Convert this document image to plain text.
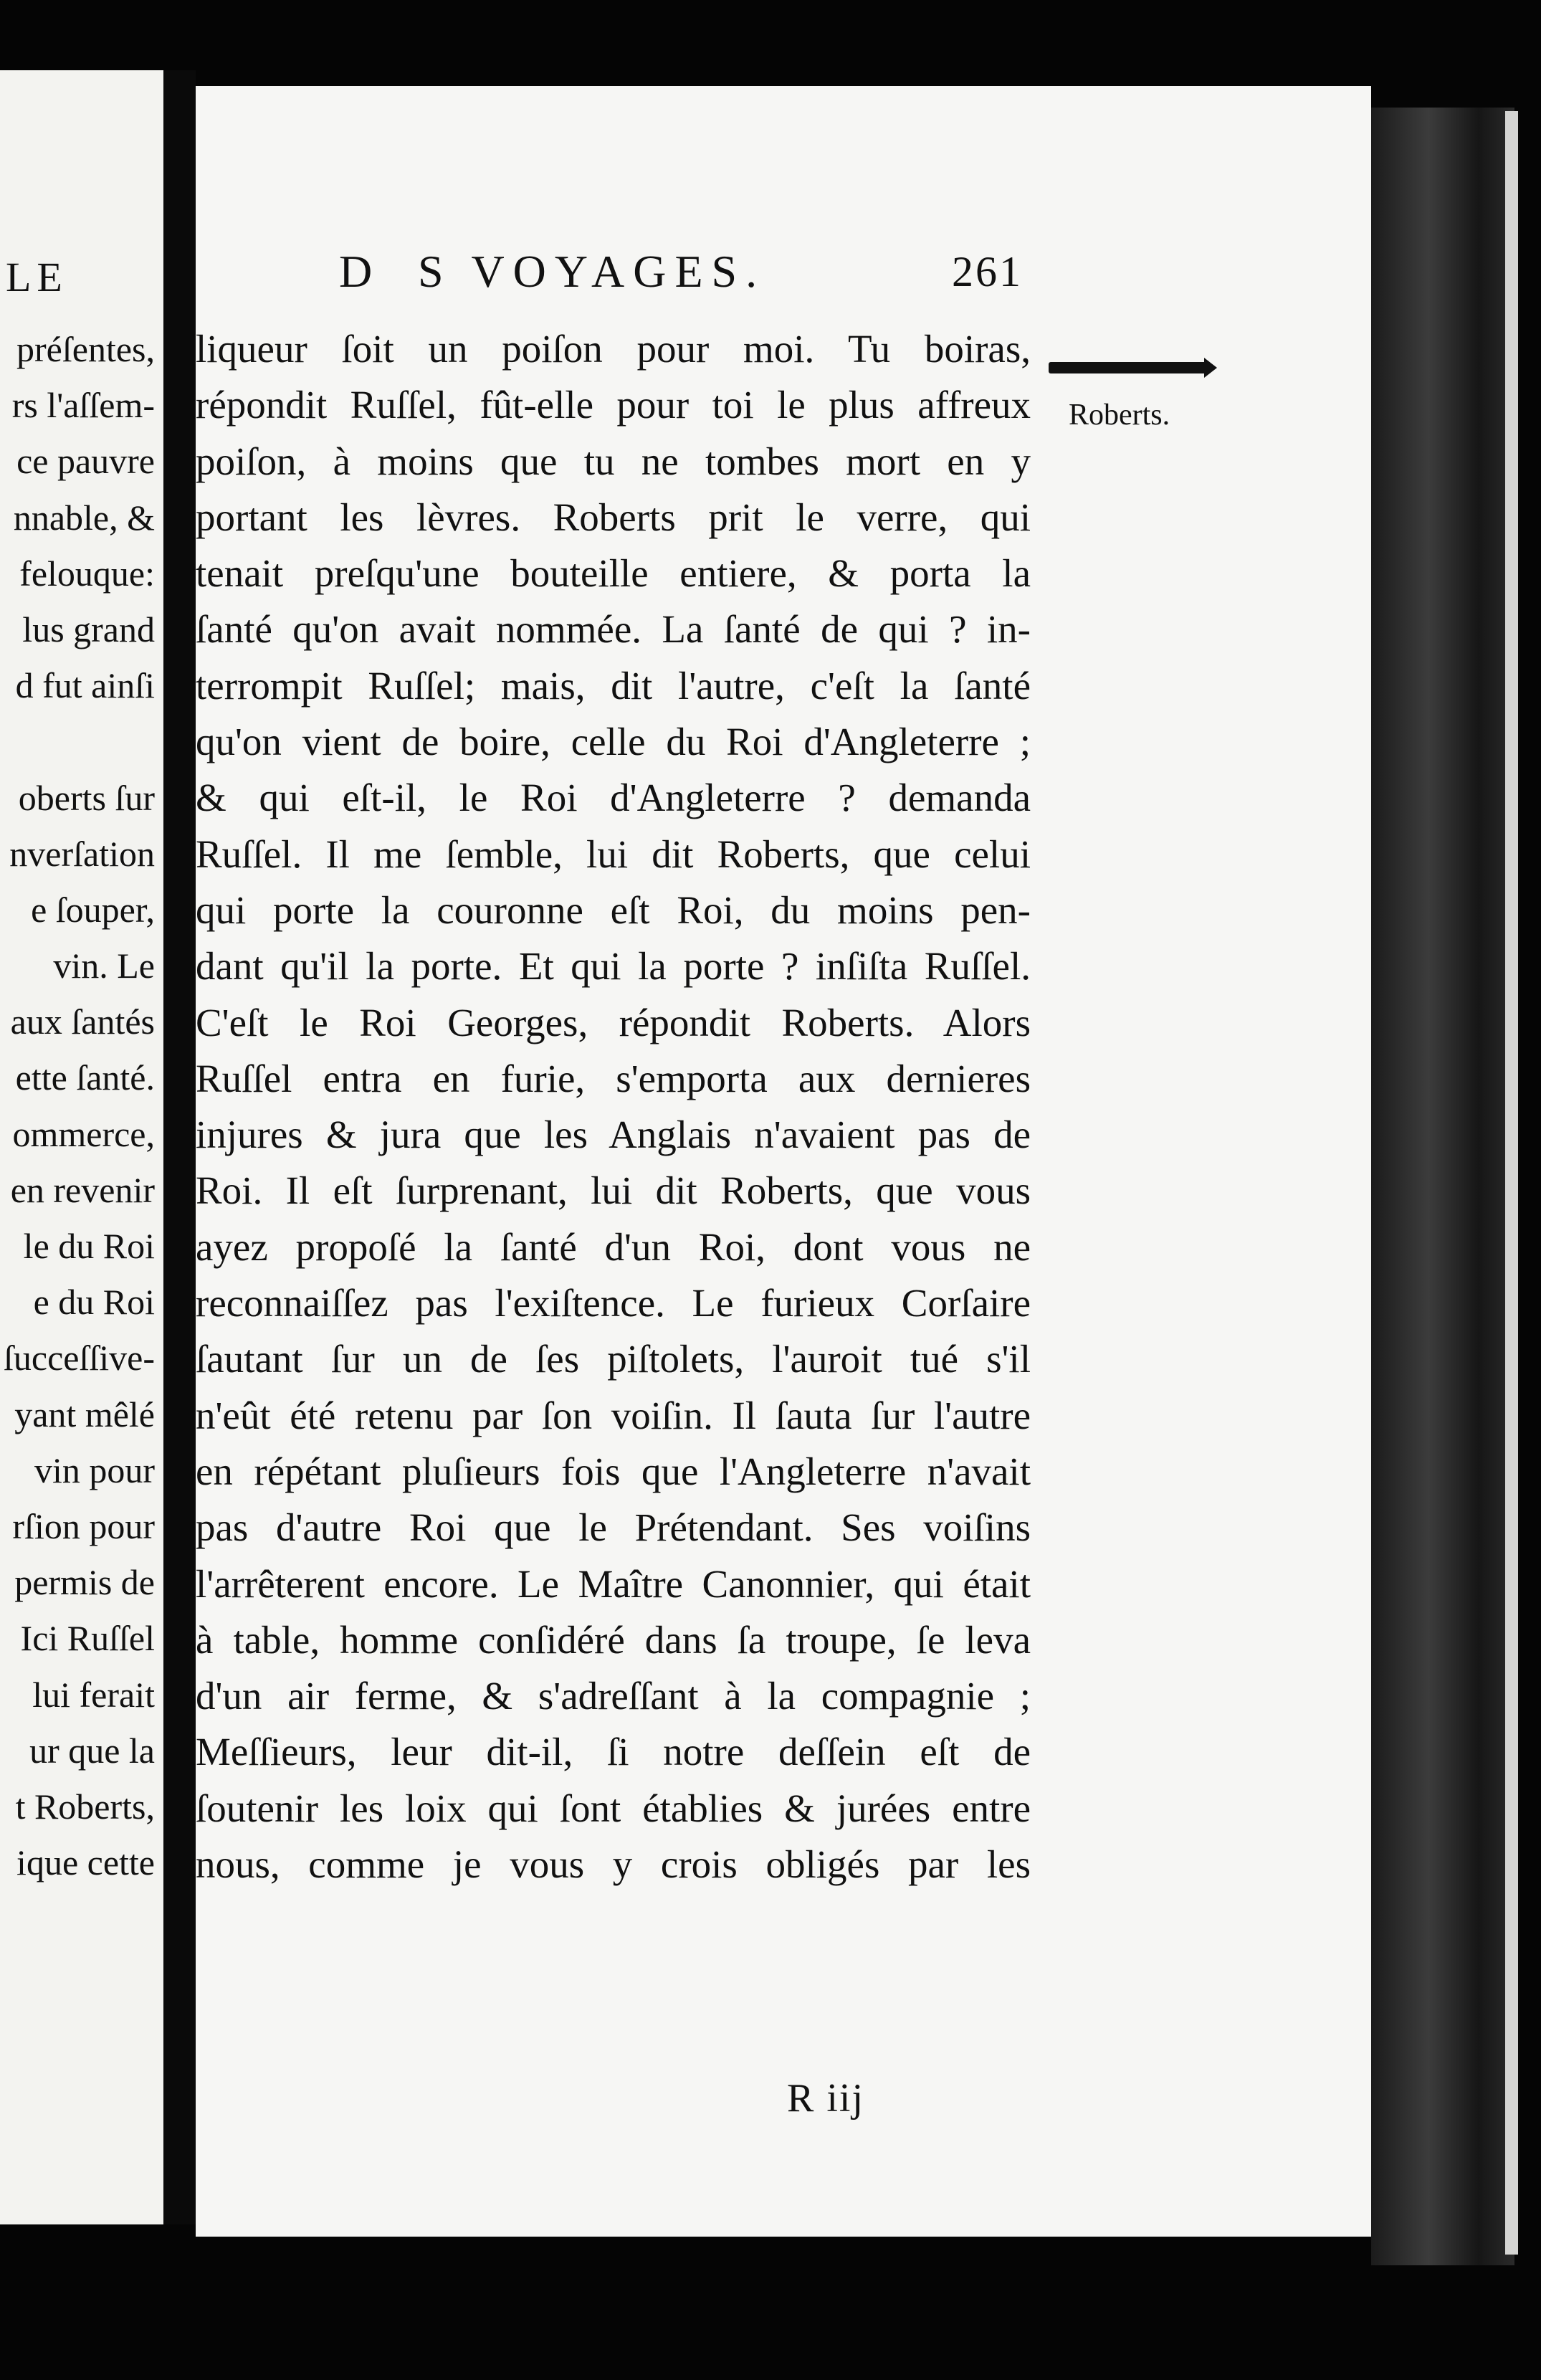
LE
préſentes,
rs l'aſſem-
ce pauvre
nnable, &
felouque:
lus grand
d fut ainſi
oberts ſur
nverſation
e ſouper,
vin. Le
aux ſantés
ette ſanté.
ommerce,
en revenir
le du Roi
e du Roi
ſucceſſive-
yant mêlé
vin pour
rſion pour
permis de
Ici Ruſſel
lui ferait
ur que la
t Roberts,
ique cette
D S VOYAGES.	261
liqueur ſoit un poiſon pour moi. Tu boiras,
répondit Ruſſel, fût-elle pour toi le plus affreux
poiſon, à moins que tu ne tombes mort en y
portant les lèvres. Roberts prit le verre, qui
tenait preſqu'une bouteille entiere, & porta la
ſanté qu'on avait nommée. La ſanté de qui ? in-
terrompit Ruſſel; mais, dit l'autre, c'eſt la ſanté
qu'on vient de boire, celle du Roi d'Angleterre ;
& qui eſt-il, le Roi d'Angleterre ? demanda
Ruſſel. Il me ſemble, lui dit Roberts, que celui
qui porte la couronne eſt Roi, du moins pen-
dant qu'il la porte. Et qui la porte ? inſiſta Ruſſel.
C'eſt le Roi Georges, répondit Roberts. Alors
Ruſſel entra en furie, s'emporta aux dernieres
injures & jura que les Anglais n'avaient pas de
Roi. Il eſt ſurprenant, lui dit Roberts, que vous
ayez propoſé la ſanté d'un Roi, dont vous ne
reconnaiſſez pas l'exiſtence. Le furieux Corſaire
ſautant ſur un de ſes piſtolets, l'auroit tué s'il
n'eût été retenu par ſon voiſin. Il ſauta ſur l'autre
en répétant pluſieurs fois que l'Angleterre n'avait
pas d'autre Roi que le Prétendant. Ses voiſins
l'arrêterent encore. Le Maître Canonnier, qui était
à table, homme conſidéré dans ſa troupe, ſe leva
d'un air ferme, & s'adreſſant à la compagnie ;
Meſſieurs, leur dit-il, ſi notre deſſein eſt de
ſoutenir les loix qui ſont établies & jurées entre
nous, comme je vous y crois obligés par les
Roberts.
R iij
